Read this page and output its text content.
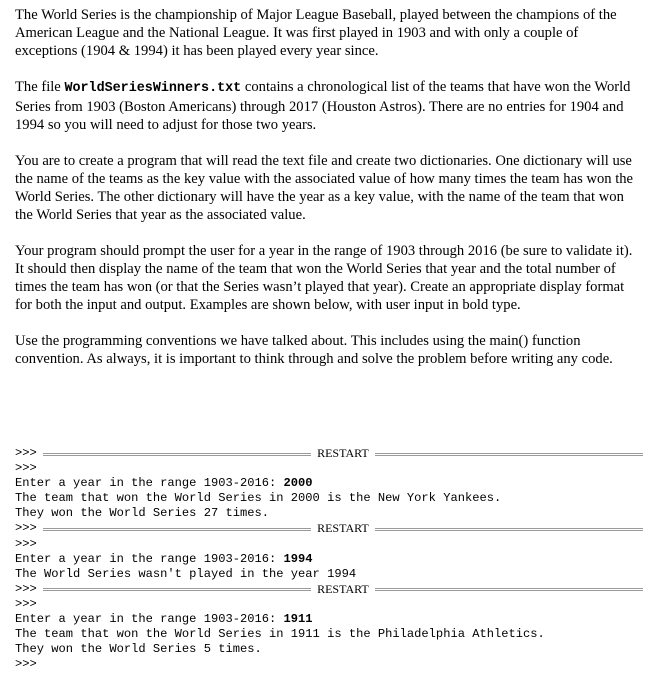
The World Series is the championship of Major League Baseball, played between the champions of the American League and the National League. It was first played in 1903 and with only a couple of exceptions (1904 & 1994) it has been played every year since.

The file WorldSeriesWinners.txt contains a chronological list of the teams that have won the World Series from 1903 (Boston Americans) through 2017 (Houston Astros). There are no entries for 1904 and 1994 so you will need to adjust for those two years.

You are to create a program that will read the text file and create two dictionaries. One dictionary will use the name of the teams as the key value with the associated value of how many times the team has won the World Series. The other dictionary will have the year as a key value, with the name of the team that won the World Series that year as the associated value.

Your program should prompt the user for a year in the range of 1903 through 2016 (be sure to validate it). It should then display the name of the team that won the World Series that year and the total number of times the team has won (or that the Series wasn’t played that year). Create an appropriate display format for both the input and output. Examples are shown below, with user input in bold type.

Use the programming conventions we have talked about. This includes using the main() function convention. As always, it is important to think through and solve the problem before writing any code.

>>>	RESTART
>>>
Enter a year in the range 1903-2016: 2000
The team that won the World Series in 2000 is the New York Yankees.
They won the World Series 27 times.
>>>	RESTART
>>>
Enter a year in the range 1903-2016: 1994
The World Series wasn't played in the year 1994
>>>	RESTART
>>>
Enter a year in the range 1903-2016: 1911
The team that won the World Series in 1911 is the Philadelphia Athletics.
They won the World Series 5 times.
>>>
